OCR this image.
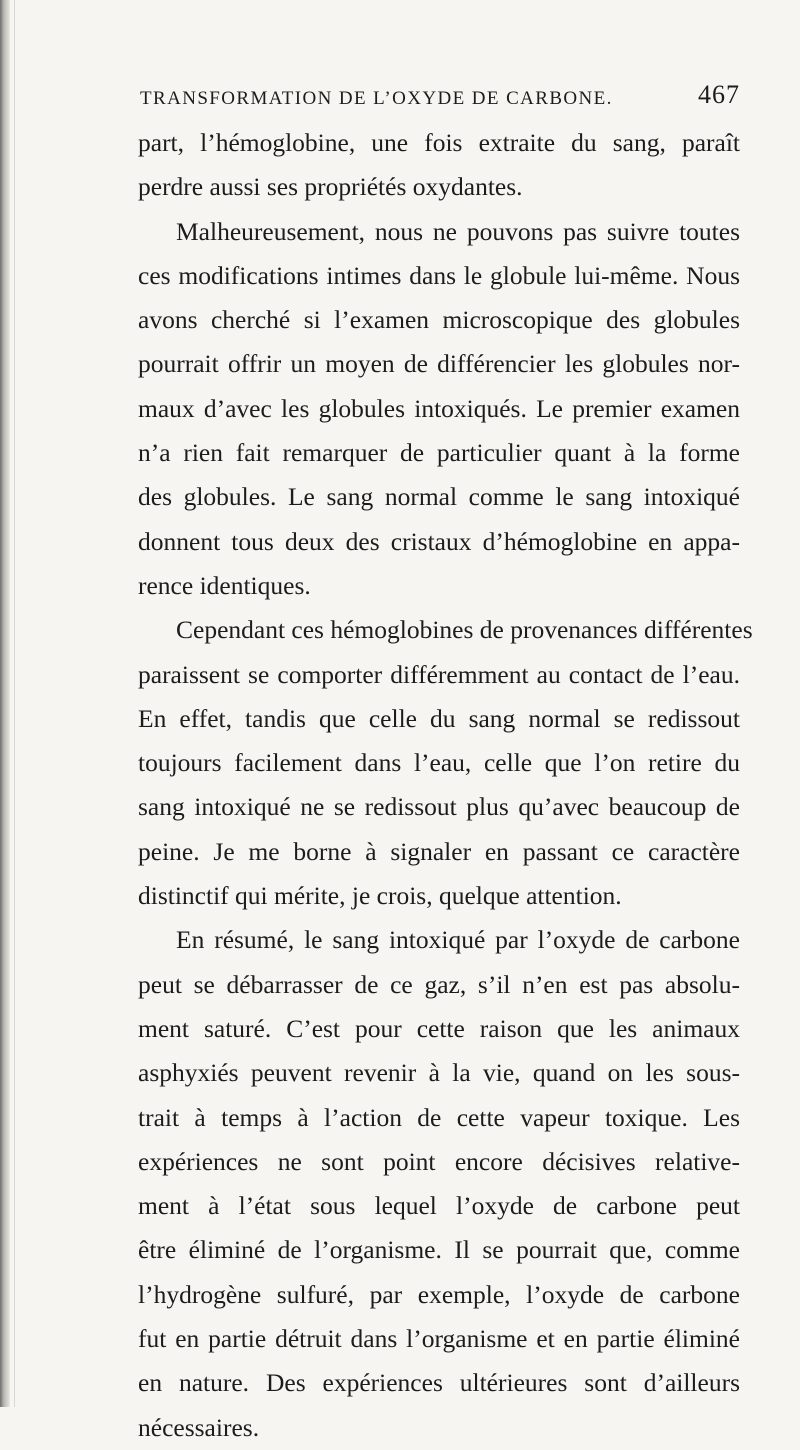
TRANSFORMATION DE L’OXYDE DE CARBONE.	467
part, l’hémoglobine, une fois extraite du sang, paraît
perdre aussi ses propriétés oxydantes.
Malheureusement, nous ne pouvons pas suivre toutes
ces modifications intimes dans le globule lui-même. Nous
avons cherché si l’examen microscopique des globules
pourrait offrir un moyen de différencier les globules nor-
maux d’avec les globules intoxiqués. Le premier examen
n’a rien fait remarquer de particulier quant à la forme
des globules. Le sang normal comme le sang intoxiqué
donnent tous deux des cristaux d’hémoglobine en appa-
rence identiques.
Cependant ces hémoglobines de provenances différentes
paraissent se comporter différemment au contact de l’eau.
En effet, tandis que celle du sang normal se redissout
toujours facilement dans l’eau, celle que l’on retire du
sang intoxiqué ne se redissout plus qu’avec beaucoup de
peine. Je me borne à signaler en passant ce caractère
distinctif qui mérite, je crois, quelque attention.
En résumé, le sang intoxiqué par l’oxyde de carbone
peut se débarrasser de ce gaz, s’il n’en est pas absolu-
ment saturé. C’est pour cette raison que les animaux
asphyxiés peuvent revenir à la vie, quand on les sous-
trait à temps à l’action de cette vapeur toxique. Les
expériences ne sont point encore décisives relative-
ment à l’état sous lequel l’oxyde de carbone peut
être éliminé de l’organisme. Il se pourrait que, comme
l’hydrogène sulfuré, par exemple, l’oxyde de carbone
fut en partie détruit dans l’organisme et en partie éliminé
en nature. Des expériences ultérieures sont d’ailleurs
nécessaires.
